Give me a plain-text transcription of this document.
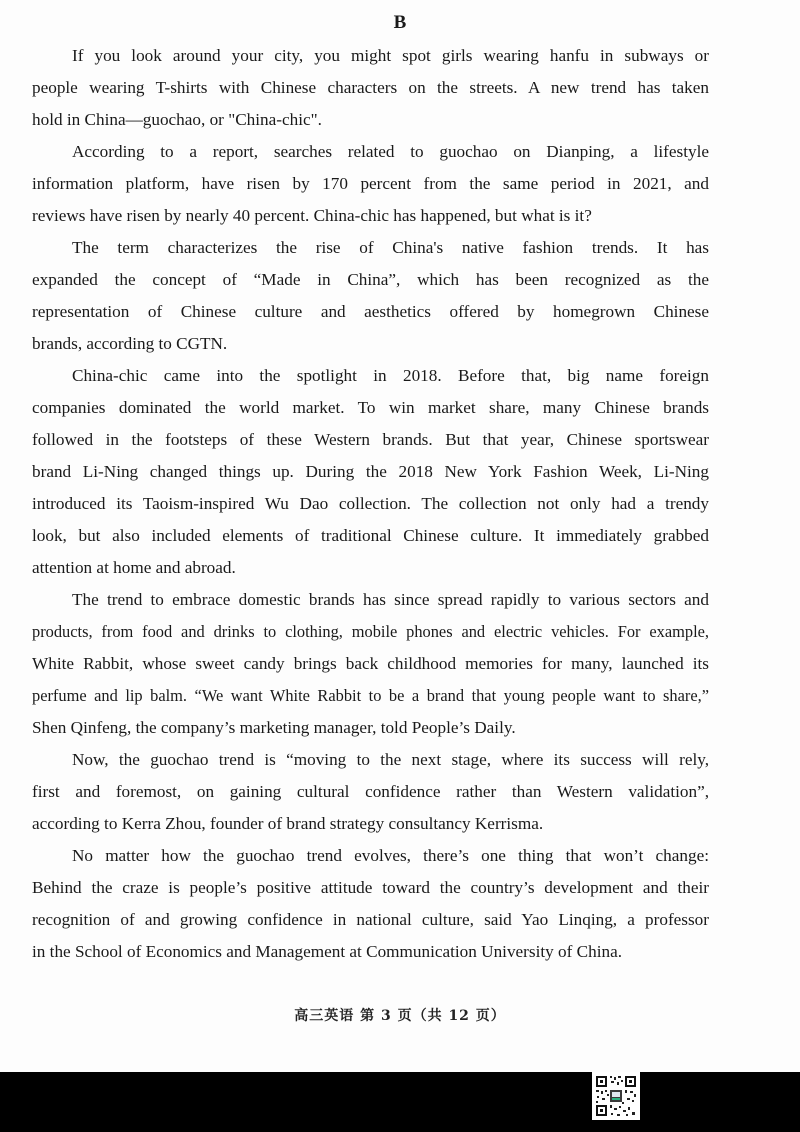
B
If you look around your city, you might spot girls wearing hanfu in subways or
people wearing T-shirts with Chinese characters on the streets. A new trend has taken
hold in China—guochao, or "China-chic".
According to a report, searches related to guochao on Dianping, a lifestyle
information platform, have risen by 170 percent from the same period in 2021, and
reviews have risen by nearly 40 percent. China-chic has happened, but what is it?
The term characterizes the rise of China's native fashion trends. It has
expanded the concept of “Made in China”, which has been recognized as the
representation of Chinese culture and aesthetics offered by homegrown Chinese
brands, according to CGTN.
China-chic came into the spotlight in 2018. Before that, big name foreign
companies dominated the world market. To win market share, many Chinese brands
followed in the footsteps of these Western brands. But that year, Chinese sportswear
brand Li-Ning changed things up. During the 2018 New York Fashion Week, Li-Ning
introduced its Taoism-inspired Wu Dao collection. The collection not only had a trendy
look, but also included elements of traditional Chinese culture. It immediately grabbed
attention at home and abroad.
The trend to embrace domestic brands has since spread rapidly to various sectors and
products, from food and drinks to clothing, mobile phones and electric vehicles. For example,
White Rabbit, whose sweet candy brings back childhood memories for many, launched its
perfume and lip balm. “We want White Rabbit to be a brand that young people want to share,”
Shen Qinfeng, the company’s marketing manager, told People’s Daily.
Now, the guochao trend is “moving to the next stage, where its success will rely,
first and foremost, on gaining cultural confidence rather than Western validation”,
according to Kerra Zhou, founder of brand strategy consultancy Kerrisma.
No matter how the guochao trend evolves, there’s one thing that won’t change:
Behind the craze is people’s positive attitude toward the country’s development and their
recognition of and growing confidence in national culture, said Yao Linqing, a professor
in the School of Economics and Management at Communication University of China.
高三英语 第 3 页（共 12 页）
